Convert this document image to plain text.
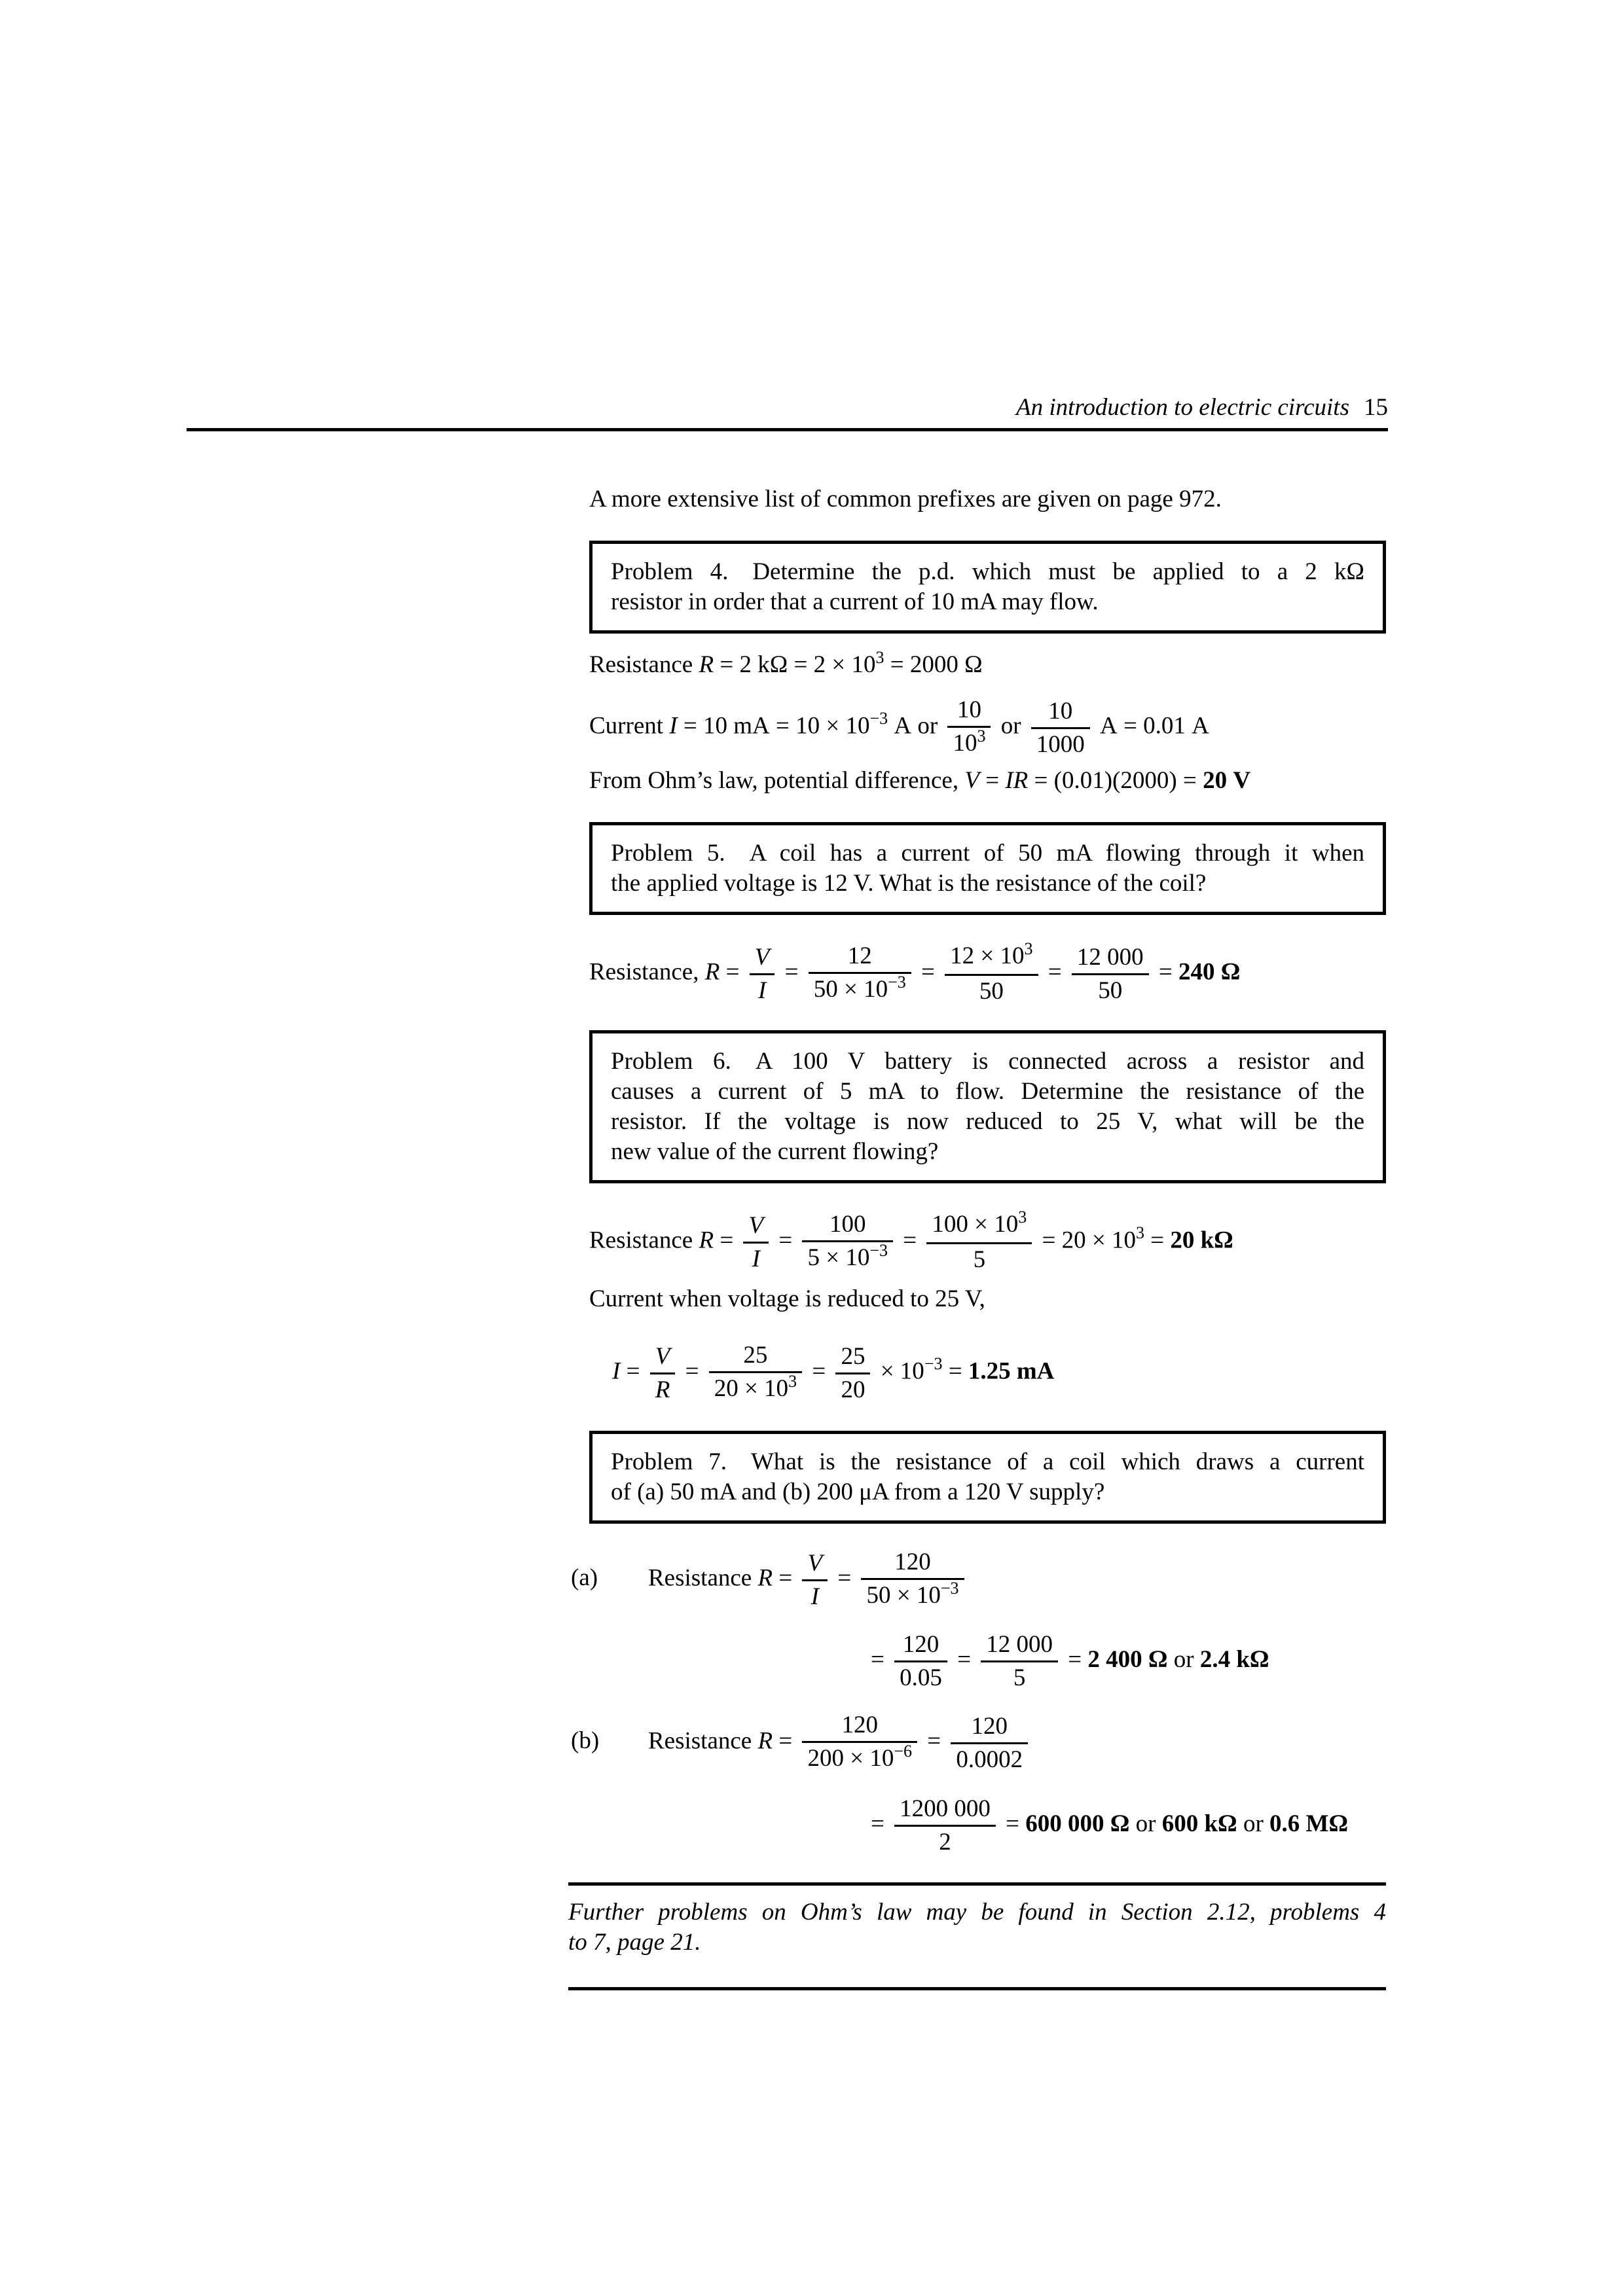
An introduction to electric circuits 15
A more extensive list of common prefixes are given on page 972.
Problem 4. Determine the p.d. which must be applied to a 2 kΩ
resistor in order that a current of 10 mA may flow.
Resistance R = 2 $k\Omega = 2 \times 10^3 = 2000$ Ω
Current I = 10 mA = $10 \times 10^{-3}$ A or $\frac{10}{10^3}$ or $\frac{10}{1000}$ A = 0.01 A
From Ohm’s law, potential difference, V = IR = (0.01)(2000) = 20 V
Problem 5. A coil has a current of 50 mA flowing through it when
the applied voltage is 12 V. What is the resistance of the coil?
Resistance, $R = \frac{V}{I} = \frac{12}{50 \times 10^{-3}} = \frac{12 \times 10^3}{50} = \frac{12 000}{50} = 240$ Ω
Problem 6. A 100 V battery is connected across a resistor and
causes a current of 5 mA to flow. Determine the resistance of the
resistor. If the voltage is now reduced to 25 V, what will be the
new value of the current flowing?
Resistance $R = \frac{V}{I} = \frac{100}{5 \times 10^{-3}} = \frac{100 \times 10^3}{5} = 20 \times 10^3 = 20$ kΩ
Current when voltage is reduced to 25 V,
$I = \frac{V}{R} = \frac{25}{20 \times 10^3} = \frac{25}{20} \times 10^{-3} = 1.25$ mA
Problem 7. What is the resistance of a coil which draws a current
of (a) 50 mA and (b) 200 μA from a 120 V supply?
(a)	Resistance $R = \frac{V}{I} = \frac{120}{50 \times 10^{-3}}$
= $\frac{120}{0.05} = \frac{12 000}{5} = 2$ 400 Ω or 2.4 kΩ
(b)	Resistance $R = \frac{120}{200 \times 10^{-6}} = \frac{120}{0.0002}$
= $\frac{1200 000}{2} = 600$ 000 Ω or 600 kΩ or 0.6 MΩ
Further problems on Ohm’s law may be found in Section 2.12, problems 4
to 7, page 21.
